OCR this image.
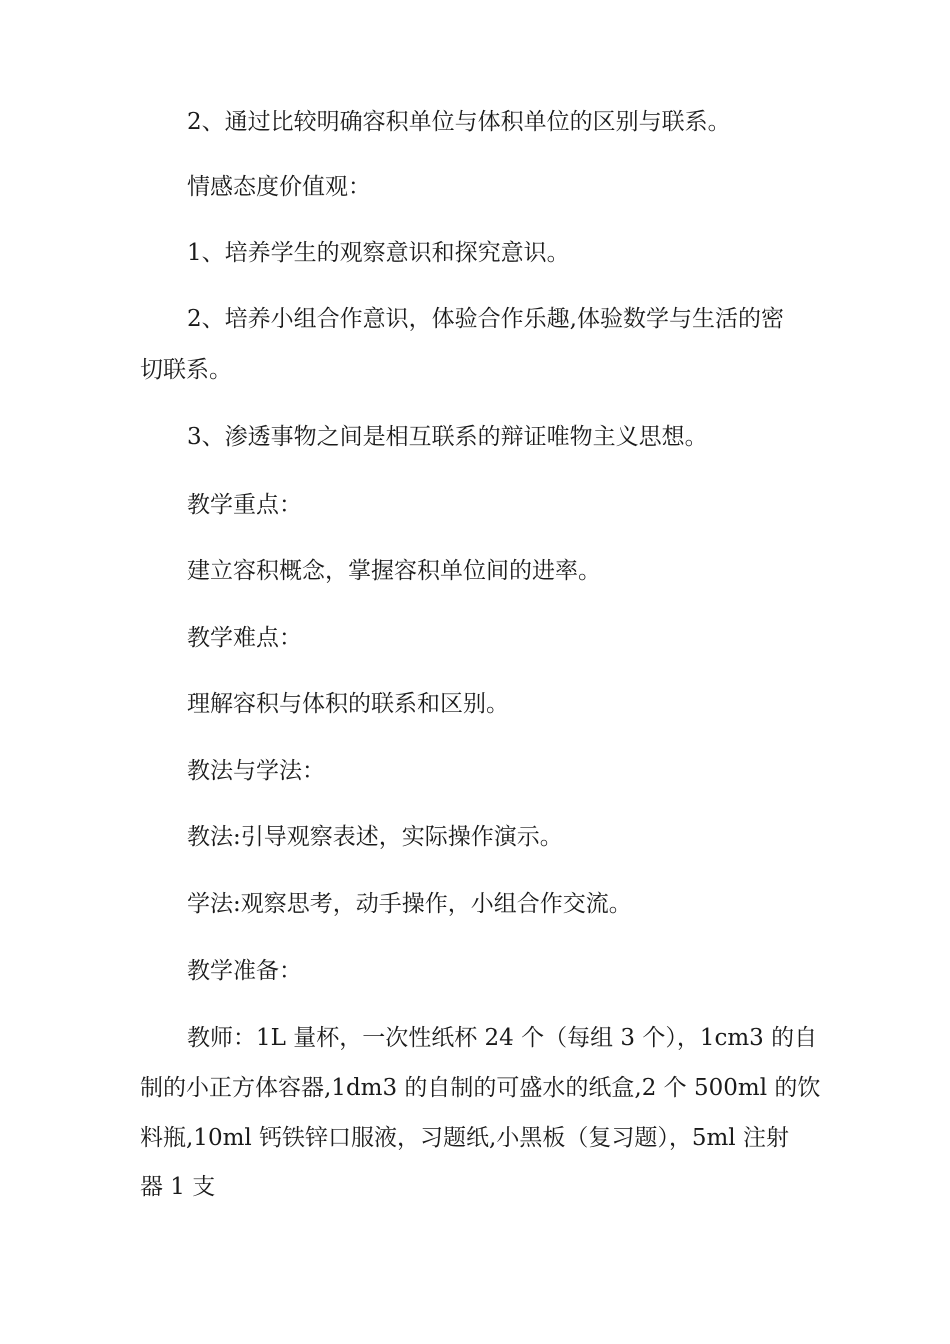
2、通过比较明确容积单位与体积单位的区别与联系。
情感态度价值观：
1、培养学生的观察意识和探究意识。
2、培养小组合作意识，体验合作乐趣,体验数学与生活的密
切联系。
3、渗透事物之间是相互联系的辩证唯物主义思想。
教学重点：
建立容积概念，掌握容积单位间的进率。
教学难点：
理解容积与体积的联系和区别。
教法与学法：
教法:引导观察表述，实际操作演示。
学法:观察思考，动手操作，小组合作交流。
教学准备：
教师：1L 量杯，一次性纸杯 24 个（每组 3 个），1cm3 的自
制的小正方体容器,1dm3 的自制的可盛水的纸盒,2 个 500ml 的饮
料瓶,10ml 钙铁锌口服液，习题纸,小黑板（复习题），5ml 注射
器 1 支
